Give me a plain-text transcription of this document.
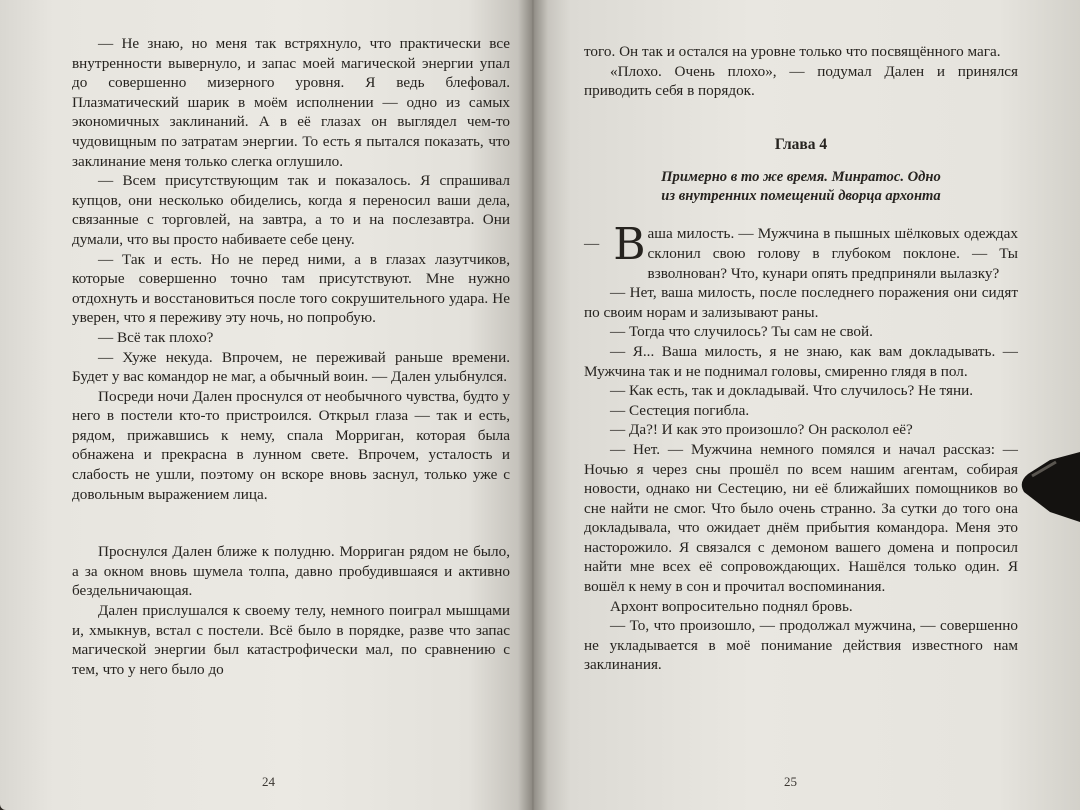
— Не знаю, но меня так встряхнуло, что практически все внутренности вывернуло, и запас моей магической энергии упал до совершенно мизерного уровня. Я ведь блефовал. Плазматический шарик в моём исполнении — одно из самых экономичных заклинаний. А в её глазах он выглядел чем-то чудовищным по затратам энергии. То есть я пытался показать, что заклинание меня только слегка оглушило.

— Всем присутствующим так и показалось. Я спрашивал купцов, они несколько обиделись, когда я переносил ваши дела, связанные с торговлей, на завтра, а то и на послезавтра. Они думали, что вы просто набиваете себе цену.

— Так и есть. Но не перед ними, а в глазах лазутчиков, которые совершенно точно там присутствуют. Мне нужно отдохнуть и восстановиться после того сокрушительного удара. Не уверен, что я переживу эту ночь, но попробую.

— Всё так плохо?

— Хуже некуда. Впрочем, не переживай раньше времени. Будет у вас командор не маг, а обычный воин. — Дален улыбнулся.

Посреди ночи Дален проснулся от необычного чувства, будто у него в постели кто-то пристроился. Открыл глаза — так и есть, рядом, прижавшись к нему, спала Морриган, которая была обнажена и прекрасна в лунном свете. Впрочем, усталость и слабость не ушли, поэтому он вскоре вновь заснул, только уже с довольным выражением лица.

Проснулся Дален ближе к полудню. Морриган рядом не было, а за окном вновь шумела толпа, давно пробудившаяся и активно бездельничающая.

Дален прислушался к своему телу, немного поиграл мышцами и, хмыкнув, встал с постели. Всё было в порядке, разве что запас магической энергии был катастрофически мал, по сравнению с тем, что у него было до

24

того. Он так и остался на уровне только что посвящённого мага.

«Плохо. Очень плохо», — подумал Дален и принялся приводить себя в порядок.

Глава 4
Примерно в то же время. Минратос. Одно
из внутренних помещений дворца архонта

— В аша милость. — Мужчина в пышных шёлковых одеждах склонил свою голову в глубоком поклоне. — Ты взволнован? Что, кунари опять предприняли вылазку?

— Нет, ваша милость, после последнего поражения они сидят по своим норам и зализывают раны.

— Тогда что случилось? Ты сам не свой.

— Я... Ваша милость, я не знаю, как вам докладывать. — Мужчина так и не поднимал головы, смиренно глядя в пол.

— Как есть, так и докладывай. Что случилось? Не тяни.

— Сестеция погибла.

— Да?! И как это произошло? Он расколол её?

— Нет. — Мужчина немного помялся и начал рассказ: — Ночью я через сны прошёл по всем нашим агентам, собирая новости, однако ни Сестецию, ни её ближайших помощников во сне найти не смог. Что было очень странно. За сутки до того она докладывала, что ожидает днём прибытия командора. Меня это насторожило. Я связался с демоном вашего домена и попросил найти мне всех её сопровождающих. Нашёлся только один. Я вошёл к нему в сон и прочитал воспоминания.

Архонт вопросительно поднял бровь.

— То, что произошло, — продолжал мужчина, — совершенно не укладывается в моё понимание действия известного нам заклинания.

25
